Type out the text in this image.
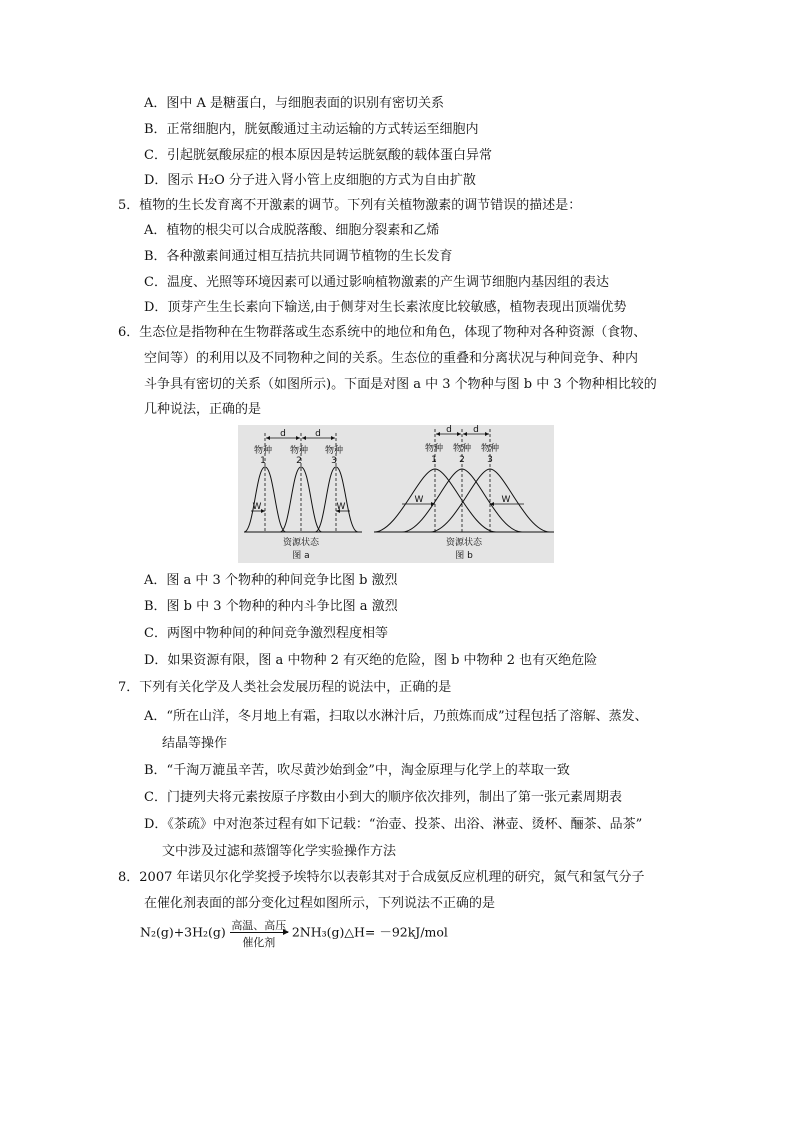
A．图中 A 是糖蛋白，与细胞表面的识别有密切关系
B．正常细胞内，胱氨酸通过主动运输的方式转运至细胞内
C．引起胱氨酸尿症的根本原因是转运胱氨酸的载体蛋白异常
D．图示 H₂O 分子进入肾小管上皮细胞的方式为自由扩散
5．植物的生长发育离不开激素的调节。下列有关植物激素的调节错误的描述是：
A．植物的根尖可以合成脱落酸、细胞分裂素和乙烯
B．各种激素间通过相互拮抗共同调节植物的生长发育
C．温度、光照等环境因素可以通过影响植物激素的产生调节细胞内基因组的表达
D．顶芽产生生长素向下输送,由于侧芽对生长素浓度比较敏感，植物表现出顶端优势
6．生态位是指物种在生物群落或生态系统中的地位和角色，体现了物种对各种资源（食物、
空间等）的利用以及不同物种之间的关系。生态位的重叠和分离状况与种间竞争、种内
斗争具有密切的关系（如图所示)。下面是对图 a 中 3 个物种与图 b 中 3 个物种相比较的
几种说法，正确的是
d	d
物种
1
物种
2
物种
3
W	W
资源状态
图 a
d d
物种
1
物种
2
物种
3
W	W
资源状态
图 b
A．图 a 中 3 个物种的种间竞争比图 b 激烈
B．图 b 中 3 个物种的种内斗争比图 a 激烈
C．两图中物种间的种间竞争激烈程度相等
D．如果资源有限，图 a 中物种 2 有灭绝的危险，图 b 中物种 2 也有灭绝危险
7．下列有关化学及人类社会发展历程的说法中，正确的是
A．“所在山洋，冬月地上有霜，扫取以水淋汁后，乃煎炼而成”过程包括了溶解、蒸发、
结晶等操作
B．“千淘万漉虽辛苦，吹尽黄沙始到金”中，淘金原理与化学上的萃取一致
C．门捷列夫将元素按原子序数由小到大的顺序依次排列，制出了第一张元素周期表
D．《茶疏》中对泡茶过程有如下记载：“治壶、投茶、出浴、淋壶、烫杯、酾茶、品茶”
文中涉及过滤和蒸馏等化学实验操作方法
8．2007 年诺贝尔化学奖授予埃特尔以表彰其对于合成氨反应机理的研究，氮气和氢气分子
在催化剂表面的部分变化过程如图所示，下列说法不正确的是
N₂(g)+3H₂(g) 高温、高压
催化剂
2NH₃(g)△H= －92kJ/mol
